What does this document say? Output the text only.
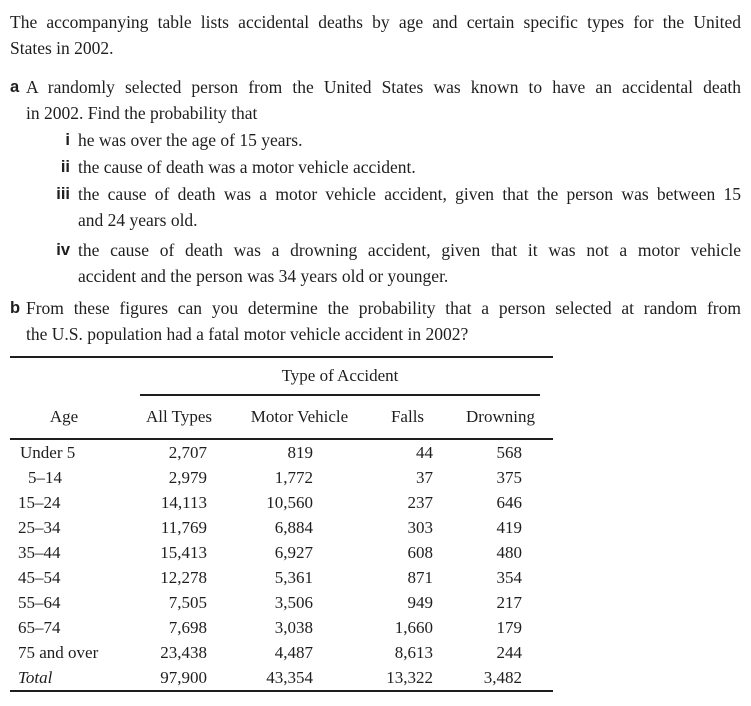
The accompanying table lists accidental deaths by age and certain specific types for the United
States in 2002.
a A randomly selected person from the United States was known to have an accidental death
in 2002. Find the probability that
i he was over the age of 15 years.
ii the cause of death was a motor vehicle accident.
iii the cause of death was a motor vehicle accident, given that the person was between 15
and 24 years old.
iv the cause of death was a drowning accident, given that it was not a motor vehicle
accident and the person was 34 years old or younger.
b From these figures can you determine the probability that a person selected at random from
the U.S. population had a fatal motor vehicle accident in 2002?
Type of Accident
Age	All Types	Motor Vehicle	Falls	Drowning
Under 5	2,707	819	44	568
5–14	2,979	1,772	37	375
15–24	14,113	10,560	237	646
25–34	11,769	6,884	303	419
35–44	15,413	6,927	608	480
45–54	12,278	5,361	871	354
55–64	7,505	3,506	949	217
65–74	7,698	3,038	1,660	179
75 and over	23,438	4,487	8,613	244
Total	97,900	43,354	13,322	3,482
